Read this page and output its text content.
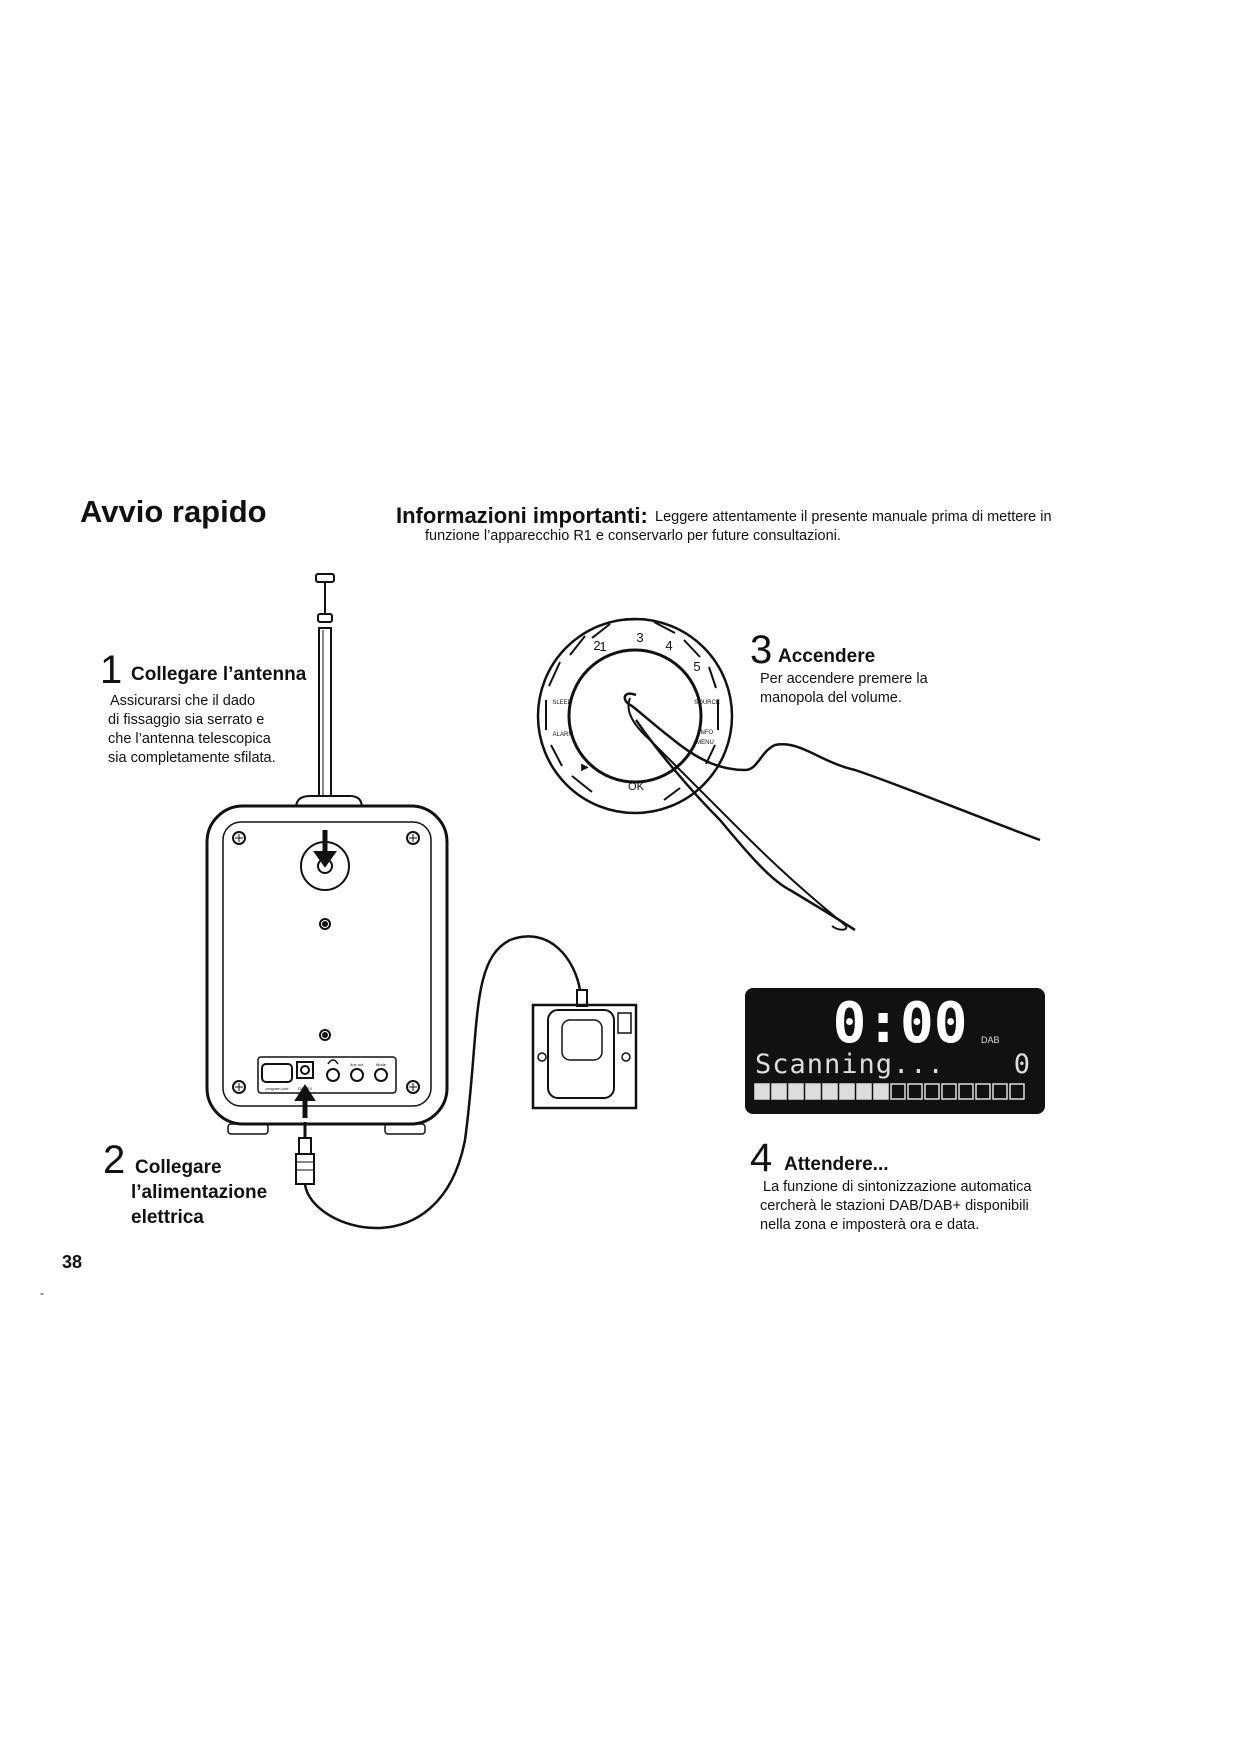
Avvio rapido	Informazioni importanti: Leggere attentamente il presente manuale prima di mettere in
funzione l’apparecchio R1 e conservarlo per future consultazioni.
1 Collegare l’antenna
Assicurarsi che il dado
di fissaggio sia serrato e
che l’antenna telescopica
sia completamente sfilata.
2 Collegare
l’alimentazione
elettrica
3 Accendere
Per accendere premere la
manopola del volume.
4 Attendere...
La funzione di sintonizzazione automatica
cercherà le stazioni DAB/DAB+ disponibili
nella zona e imposterà ora e data.
1
2
3
4
5
SLEEP	SOURCE
ALARM	INFO
MENU
▶
OK
program port DC 12V
line out	Mode
0:00 DAB
Scanning...	0
38
-
